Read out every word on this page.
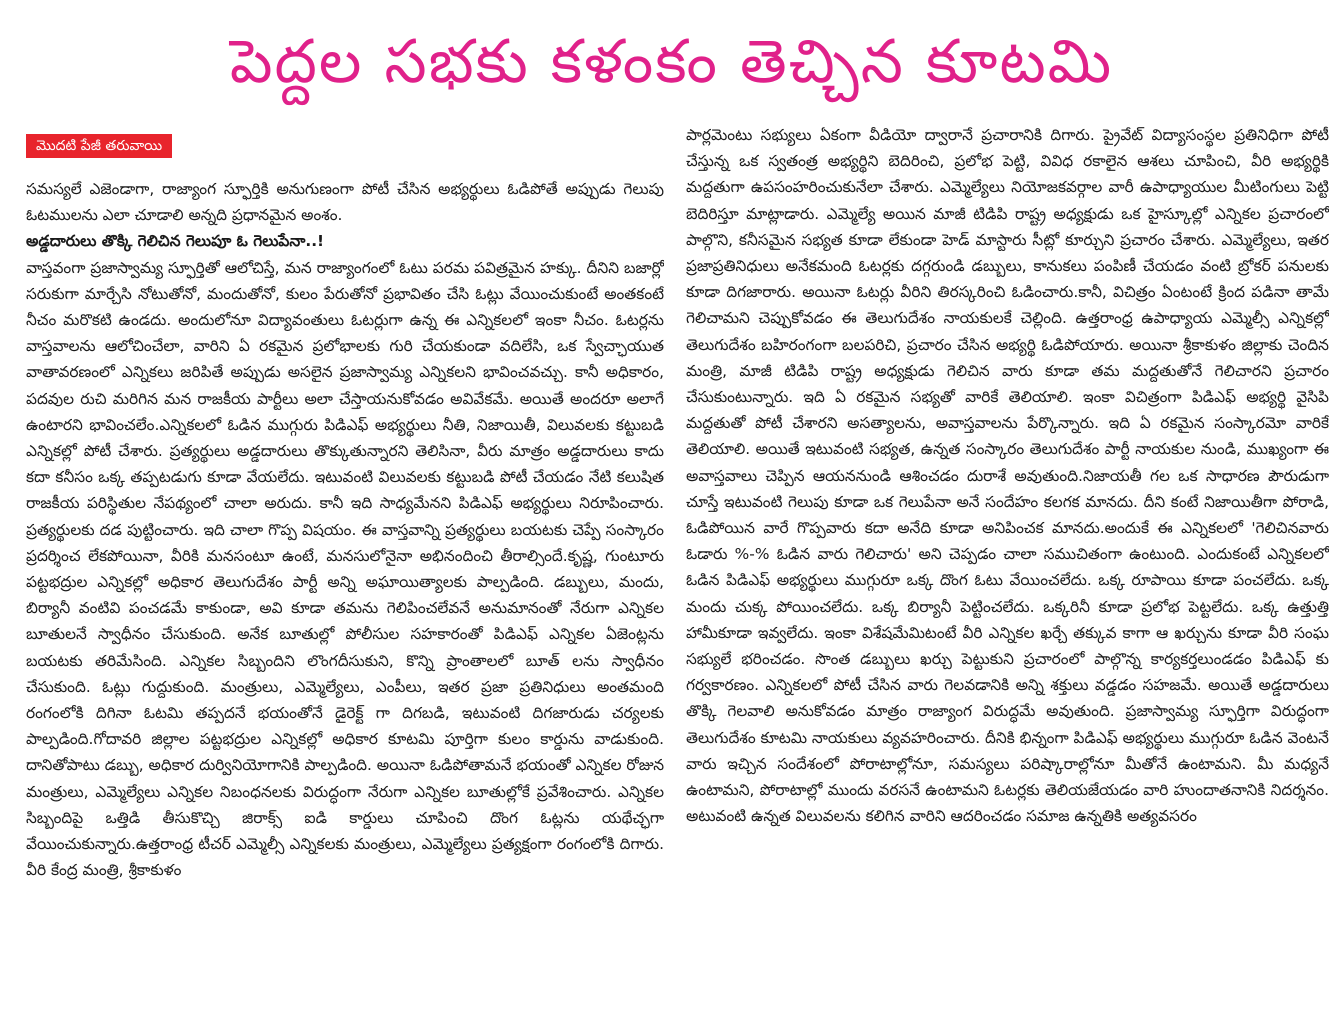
పెద్దల సభకు కళంకం తెచ్చిన కూటమి
మొదటి పేజీ తరువాయి

సమస్యలే ఎజెండాగా, రాజ్యాంగ స్ఫూర్తికి అనుగుణంగా పోటీ చేసిన అభ్యర్థులు ఓడిపోతే అప్పుడు గెలుపు ఓటములను ఎలా చూడాలి అన్నది ప్రధానమైన అంశం.

అడ్డదారులు తొక్కి గెలిచిన గెలుపూ ఓ గెలుపేనా..!

వాస్తవంగా ప్రజాస్వామ్య స్ఫూర్తితో ఆలోచిస్తే, మన రాజ్యాంగంలో ఓటు పరమ పవిత్రమైన హక్కు. దీనిని బజార్లో సరుకుగా మార్చేసి నోటుతోనో, మందుతోనో, కులం పేరుతోనో ప్రభావితం చేసి ఓట్లు వేయించుకుంటే అంతకంటే నీచం మరొకటి ఉండదు. అందులోనూ విద్యావంతులు ఓటర్లుగా ఉన్న ఈ ఎన్నికలలో ఇంకా నీచం. ఓటర్లను వాస్తవాలను ఆలోచించేలా, వారిని ఏ రకమైన ప్రలోభాలకు గురి చేయకుండా వదిలేసి, ఒక స్వేచ్ఛాయుత వాతావరణంలో ఎన్నికలు జరిపితే అప్పుడు అసలైన ప్రజాస్వామ్య ఎన్నికలని భావించవచ్చు. కానీ అధికారం, పదవుల రుచి మరిగిన మన రాజకీయ పార్టీలు అలా చేస్తాయనుకోవడం అవివేకమే. అయితే అందరూ అలాగే ఉంటారని భావించలేం.ఎన్నికలలో ఓడిన ముగ్గురు పిడిఎఫ్ అభ్యర్థులు నీతి, నిజాయితీ, విలువలకు కట్టుబడి ఎన్నికల్లో పోటీ చేశారు. ప్రత్యర్థులు అడ్డదారులు తొక్కుతున్నారని తెలిసినా, వీరు మాత్రం అడ్డదారులు కాదు కదా కనీసం ఒక్క తప్పటడుగు కూడా వేయలేదు. ఇటువంటి విలువలకు కట్టుబడి పోటీ చేయడం నేటి కలుషిత రాజకీయ పరిస్థితుల నేపథ్యంలో చాలా అరుదు. కానీ ఇది సాధ్యమేనని పిడిఎఫ్ అభ్యర్థులు నిరూపించారు. ప్రత్యర్థులకు దడ పుట్టించారు. ఇది చాలా గొప్ప విషయం. ఈ వాస్తవాన్ని ప్రత్యర్థులు బయటకు చెప్పే సంస్కారం ప్రదర్శించ లేకపోయినా, వీరికి మనసంటూ ఉంటే, మనసులోనైనా అభినందించి తీరాల్సిందే.కృష్ణ, గుంటూరు పట్టభద్రుల ఎన్నికల్లో అధికార తెలుగుదేశం పార్టీ అన్ని అఘాయిత్యాలకు పాల్పడింది. డబ్బులు, మందు, బిర్యానీ వంటివి పంచడమే కాకుండా, అవి కూడా తమను గెలిపించలేవనే అనుమానంతో నేరుగా ఎన్నికల బూతులనే స్వాధీనం చేసుకుంది. అనేక బూతుల్లో పోలీసుల సహకారంతో పిడిఎఫ్ ఎన్నికల ఏజెంట్లను బయటకు తరిమేసింది. ఎన్నికల సిబ్బందిని లొంగదీసుకుని, కొన్ని ప్రాంతాలలో బూత్ లను స్వాధీనం చేసుకుంది. ఓట్లు గుద్దుకుంది. మంత్రులు, ఎమ్మెల్యేలు, ఎంపీలు, ఇతర ప్రజా ప్రతినిధులు అంతమంది రంగంలోకి దిగినా ఓటమి తప్పదనే భయంతోనే డైరెక్ట్ గా దిగబడి, ఇటువంటి దిగజారుడు చర్యలకు పాల్పడింది.గోదావరి జిల్లాల పట్టభద్రుల ఎన్నికల్లో అధికార కూటమి పూర్తిగా కులం కార్డును వాడుకుంది. దానితోపాటు డబ్బు, అధికార దుర్వినియోగానికి పాల్పడింది. అయినా ఓడిపోతామనే భయంతో ఎన్నికల రోజున మంత్రులు, ఎమ్మెల్యేలు ఎన్నికల నిబంధనలకు విరుద్ధంగా నేరుగా ఎన్నికల బూతుల్లోకే ప్రవేశించారు. ఎన్నికల సిబ్బందిపై ఒత్తిడి తీసుకొచ్చి జిరాక్స్ ఐడి కార్డులు చూపించి దొంగ ఓట్లను యథేచ్ఛగా వేయించుకున్నారు.ఉత్తరాంధ్ర టీచర్ ఎమ్మెల్సీ ఎన్నికలకు మంత్రులు, ఎమ్మెల్యేలు ప్రత్యక్షంగా రంగంలోకి దిగారు. వీరి కేంద్ర మంత్రి, శ్రీకాకుళం

పార్లమెంటు సభ్యులు ఏకంగా వీడియో ద్వారానే ప్రచారానికి దిగారు. ప్రైవేట్ విద్యాసంస్థల ప్రతినిధిగా పోటీ చేస్తున్న ఒక స్వతంత్ర అభ్యర్థిని బెదిరించి, ప్రలోభ పెట్టి, వివిధ రకాలైన ఆశలు చూపించి, వీరి అభ్యర్థికి మద్దతుగా ఉపసంహరించుకునేలా చేశారు. ఎమ్మెల్యేలు నియోజకవర్గాల వారీ ఉపాధ్యాయుల మీటింగులు పెట్టి బెదిరిస్తూ మాట్లాడారు. ఎమ్మెల్యే అయిన మాజీ టిడిపి రాష్ట్ర అధ్యక్షుడు ఒక హైస్కూల్లో ఎన్నికల ప్రచారంలో పాల్గొని, కనీసమైన సభ్యత కూడా లేకుండా హెడ్ మాస్టారు సీట్లో కూర్చుని ప్రచారం చేశారు. ఎమ్మెల్యేలు, ఇతర ప్రజాప్రతినిధులు అనేకమంది ఓటర్లకు దగ్గరుండి డబ్బులు, కానుకలు పంపిణీ చేయడం వంటి బ్రోకర్ పనులకు కూడా దిగజారారు. అయినా ఓటర్లు వీరిని తిరస్కరించి ఓడించారు.కానీ, విచిత్రం ఏంటంటే క్రింద పడినా తామే గెలిచామని చెప్పుకోవడం ఈ తెలుగుదేశం నాయకులకే చెల్లింది. ఉత్తరాంధ్ర ఉపాధ్యాయ ఎమ్మెల్సీ ఎన్నికల్లో తెలుగుదేశం బహిరంగంగా బలపరిచి, ప్రచారం చేసిన అభ్యర్థి ఓడిపోయారు. అయినా శ్రీకాకుళం జిల్లాకు చెందిన మంత్రి, మాజీ టిడిపి రాష్ట్ర అధ్యక్షుడు గెలిచిన వారు కూడా తమ మద్దతుతోనే గెలిచారని ప్రచారం చేసుకుంటున్నారు. ఇది ఏ రకమైన సభ్యతో వారికే తెలియాలి. ఇంకా విచిత్రంగా పిడిఎఫ్ అభ్యర్థి వైసిపి మద్దతుతో పోటీ చేశారని అసత్యాలను, అవాస్తవాలను పేర్కొన్నారు. ఇది ఏ రకమైన సంస్కారమో వారికే తెలియాలి. అయితే ఇటువంటి సభ్యత, ఉన్నత సంస్కారం తెలుగుదేశం పార్టీ నాయకుల నుండి, ముఖ్యంగా ఈ అవాస్తవాలు చెప్పిన ఆయననుండి ఆశించడం దురాశే అవుతుంది.నిజాయతీ గల ఒక సాధారణ పౌరుడుగా చూస్తే ఇటువంటి గెలుపు కూడా ఒక గెలుపేనా అనే సందేహం కలగక మానదు. దీని కంటే నిజాయితీగా పోరాడి, ఓడిపోయిన వారే గొప్పవారు కదా అనేది కూడా అనిపించక మానదు.అందుకే ఈ ఎన్నికలలో 'గెలిచినవారు ఓడారు %-% ఓడిన వారు గెలిచారు' అని చెప్పడం చాలా సముచితంగా ఉంటుంది. ఎందుకంటే ఎన్నికలలో ఓడిన పిడిఎఫ్ అభ్యర్థులు ముగ్గురూ ఒక్క దొంగ ఓటు వేయించలేదు. ఒక్క రూపాయి కూడా పంచలేదు. ఒక్క మందు చుక్క పోయించలేదు. ఒక్క బిర్యానీ పెట్టించలేదు. ఒక్కరినీ కూడా ప్రలోభ పెట్టలేదు. ఒక్క ఉత్తుత్తి హామీకూడా ఇవ్వలేదు. ఇంకా విశేషమేమిటంటే వీరి ఎన్నికల ఖర్చే తక్కువ కాగా ఆ ఖర్చును కూడా వీరి సంఘ సభ్యులే భరించడం. సొంత డబ్బులు ఖర్చు పెట్టుకుని ప్రచారంలో పాల్గొన్న కార్యకర్తలుండడం పిడిఎఫ్ కు గర్వకారణం. ఎన్నికలలో పోటీ చేసిన వారు గెలవడానికి అన్ని శక్తులు వడ్డడం సహజమే. అయితే అడ్డదారులు తొక్కి గెలవాలి అనుకోవడం మాత్రం రాజ్యాంగ విరుద్ధమే అవుతుంది. ప్రజాస్వామ్య స్ఫూర్తిగా విరుద్ధంగా తెలుగుదేశం కూటమి నాయకులు వ్యవహరించారు. దీనికి భిన్నంగా పిడిఎఫ్ అభ్యర్థులు ముగ్గురూ ఓడిన వెంటనే వారు ఇచ్చిన సందేశంలో పోరాటాల్లోనూ, సమస్యలు పరిష్కారాల్లోనూ మీతోనే ఉంటామని. మీ మధ్యనే ఉంటామని, పోరాటాల్లో ముందు వరసనే ఉంటామని ఓటర్లకు తెలియజేయడం వారి హుందాతనానికి నిదర్శనం. అటువంటి ఉన్నత విలువలను కలిగిన వారిని ఆదరించడం సమాజ ఉన్నతికి అత్యవసరం
